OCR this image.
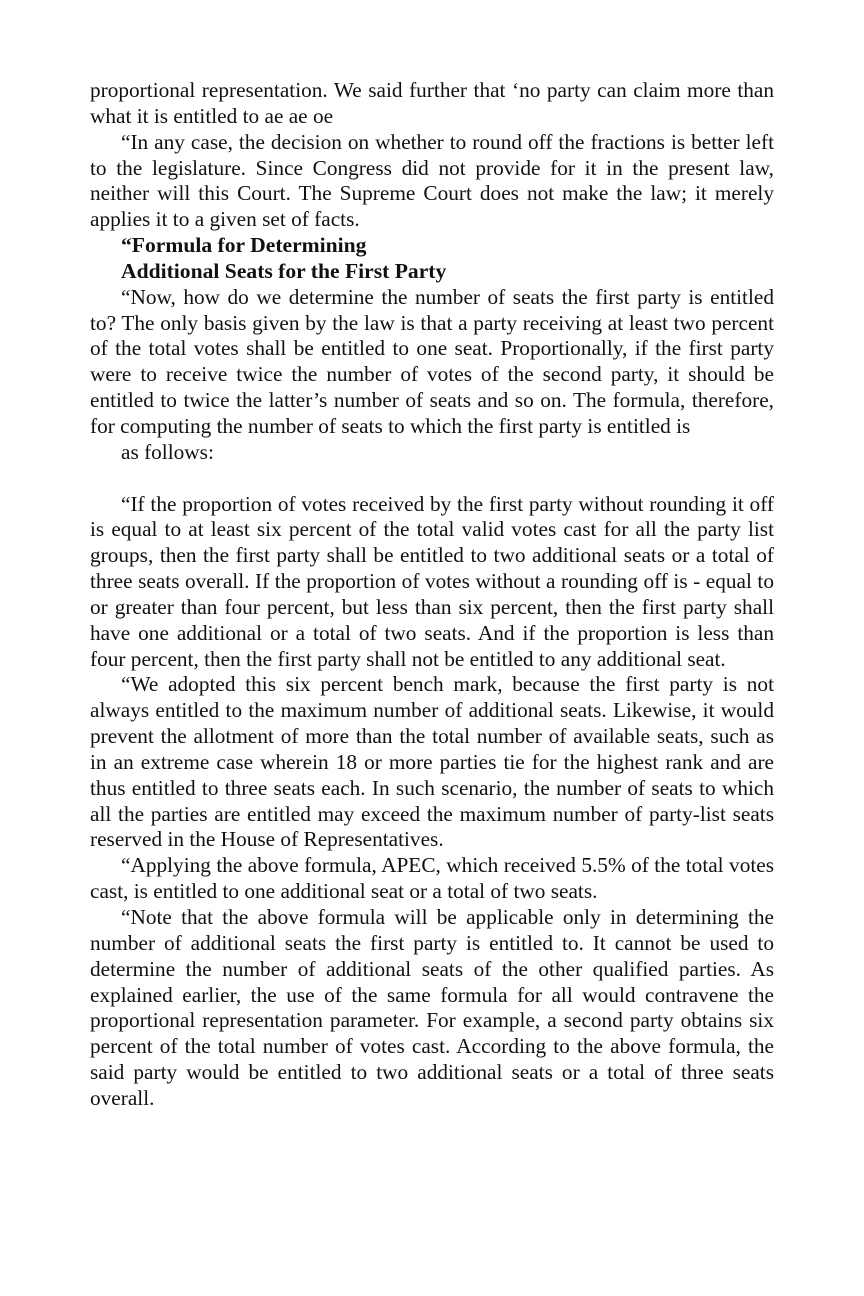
proportional representation. We said further that ‘no party can claim more than what it is entitled to ae ae oe

“In any case, the decision on whether to round off the fractions is better left to the legislature. Since Congress did not provide for it in the present law, neither will this Court. The Supreme Court does not make the law; it merely applies it to a given set of facts.

“Formula for Determining

Additional Seats for the First Party

“Now, how do we determine the number of seats the first party is entitled to? The only basis given by the law is that a party receiving at least two percent of the total votes shall be entitled to one seat. Proportionally, if the first party were to receive twice the number of votes of the second party, it should be entitled to twice the latter’s number of seats and so on. The formula, therefore, for computing the number of seats to which the first party is entitled is

as follows:

“If the proportion of votes received by the first party without rounding it off is equal to at least six percent of the total valid votes cast for all the party list groups, then the first party shall be entitled to two additional seats or a total of three seats overall. If the proportion of votes without a rounding off is - equal to or greater than four percent, but less than six percent, then the first party shall have one additional or a total of two seats. And if the proportion is less than four percent, then the first party shall not be entitled to any additional seat.

“We adopted this six percent bench mark, because the first party is not always entitled to the maximum number of additional seats. Likewise, it would prevent the allotment of more than the total number of available seats, such as in an extreme case wherein 18 or more parties tie for the highest rank and are thus entitled to three seats each. In such scenario, the number of seats to which all the parties are entitled may exceed the maximum number of party-list seats reserved in the House of Representatives.

“Applying the above formula, APEC, which received 5.5% of the total votes cast, is entitled to one additional seat or a total of two seats.

“Note that the above formula will be applicable only in determining the number of additional seats the first party is entitled to. It cannot be used to determine the number of additional seats of the other qualified parties. As explained earlier, the use of the same formula for all would contravene the proportional representation parameter. For example, a second party obtains six percent of the total number of votes cast. According to the above formula, the said party would be entitled to two additional seats or a total of three seats overall.
